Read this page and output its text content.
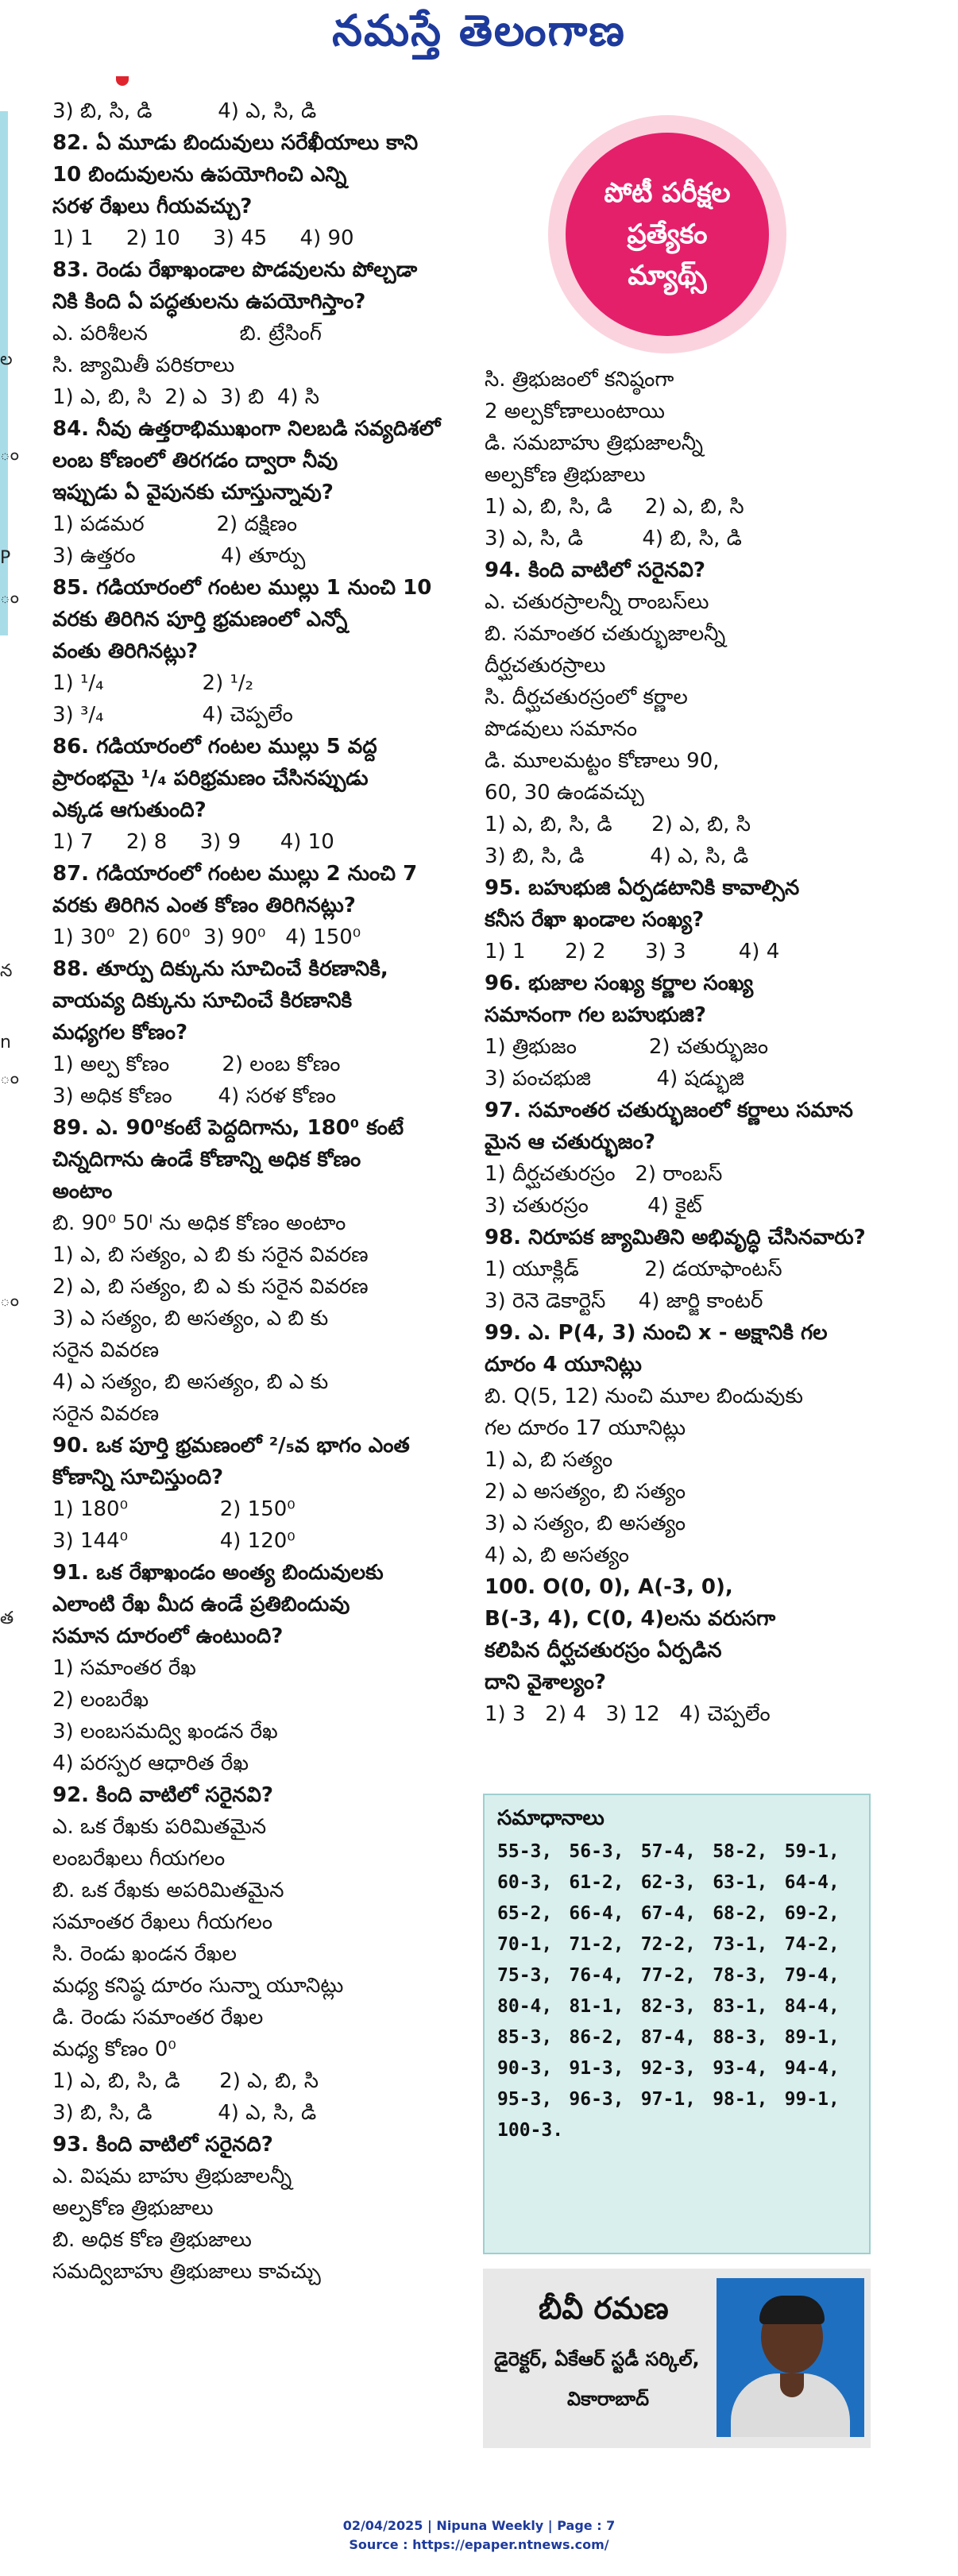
నమస్తే తెలంగాణ
ల
ం
P
ం
న
n
ం
ం
త
పోటీ పరీక్షల
ప్రత్యేకం
మ్యాథ్స్
3) బి, సి, డి          4) ఎ, సి, డి
82. ఏ మూడు బిందువులు సరేఖీయాలు కాని
10 బిందువులను ఉపయోగించి ఎన్ని
సరళ రేఖలు గీయవచ్చు?
1) 1     2) 10     3) 45     4) 90
83. రెండు రేఖాఖండాల పొడవులను పోల్చడా
నికి కింది ఏ పద్ధతులను ఉపయోగిస్తాం?
ఎ. పరిశీలన              బి. ట్రేసింగ్
సి. జ్యామితీ పరికరాలు
1) ఎ, బి, సి  2) ఎ  3) బి  4) సి
84. నీవు ఉత్తరాభిముఖంగా నిలబడి సవ్యదిశలో
లంబ కోణంలో తిరగడం ద్వారా నీవు
ఇప్పుడు ఏ వైపునకు చూస్తున్నావు?
1) పడమర           2) దక్షిణం
3) ఉత్తరం             4) తూర్పు
85. గడియారంలో గంటల ముల్లు 1 నుంచి 10
వరకు తిరిగిన పూర్తి భ్రమణంలో ఎన్నో
వంతు తిరిగినట్లు?
1) ¹/₄               2) ¹/₂
3) ³/₄               4) చెప్పలేం
86. గడియారంలో గంటల ముల్లు 5 వద్ద
ప్రారంభమై ¹/₄ పరిభ్రమణం చేసినప్పుడు
ఎక్కడ ఆగుతుంది?
1) 7     2) 8     3) 9      4) 10
87. గడియారంలో గంటల ముల్లు 2 నుంచి 7
వరకు తిరిగిన ఎంత కోణం తిరిగినట్లు?
1) 30⁰  2) 60⁰  3) 90⁰   4) 150⁰
88. తూర్పు దిక్కును సూచించే కిరణానికి,
వాయవ్య దిక్కును సూచించే కిరణానికి
మధ్యగల కోణం?
1) అల్ప కోణం        2) లంబ కోణం
3) అధిక కోణం       4) సరళ కోణం
89. ఎ. 90⁰కంటే పెద్దదిగాను, 180⁰ కంటే
చిన్నదిగాను ఉండే కోణాన్ని అధిక కోణం
అంటాం
బి. 90⁰ 50ᴵ ను అధిక కోణం అంటాం
1) ఎ, బి సత్యం, ఎ బి కు సరైన వివరణ
2) ఎ, బి సత్యం, బి ఎ కు సరైన వివరణ
3) ఎ సత్యం, బి అసత్యం, ఎ బి కు
సరైన వివరణ
4) ఎ సత్యం, బి అసత్యం, బి ఎ కు
సరైన వివరణ
90. ఒక పూర్తి భ్రమణంలో ²/₅వ భాగం ఎంత
కోణాన్ని సూచిస్తుంది?
1) 180⁰              2) 150⁰
3) 144⁰              4) 120⁰
91. ఒక రేఖాఖండం అంత్య బిందువులకు
ఎలాంటి రేఖ మీద ఉండే ప్రతిబిందువు
సమాన దూరంలో ఉంటుంది?
1) సమాంతర రేఖ
2) లంబరేఖ
3) లంబసమద్వి ఖండన రేఖ
4) పరస్పర ఆధారిత రేఖ
92. కింది వాటిలో సరైనవి?
ఎ. ఒక రేఖకు పరిమితమైన
లంబరేఖలు గీయగలం
బి. ఒక రేఖకు అపరిమితమైన
సమాంతర రేఖలు గీయగలం
సి. రెండు ఖండన రేఖల
మధ్య కనిష్ఠ దూరం సున్నా యూనిట్లు
డి. రెండు సమాంతర రేఖల
మధ్య కోణం 0⁰
1) ఎ, బి, సి, డి      2) ఎ, బి, సి
3) బి, సి, డి          4) ఎ, సి, డి
93. కింది వాటిలో సరైనది?
ఎ. విషమ బాహు త్రిభుజాలన్నీ
అల్పకోణ త్రిభుజాలు
బి. అధిక కోణ త్రిభుజాలు
సమద్విబాహు త్రిభుజాలు కావచ్చు
సి. త్రిభుజంలో కనిష్ఠంగా
2 అల్పకోణాలుంటాయి
డి. సమబాహు త్రిభుజాలన్నీ
అల్పకోణ త్రిభుజాలు
1) ఎ, బి, సి, డి     2) ఎ, బి, సి
3) ఎ, సి, డి         4) బి, సి, డి
94. కింది వాటిలో సరైనవి?
ఎ. చతురస్రాలన్నీ రాంబస్‌లు
బి. సమాంతర చతుర్భుజాలన్నీ
దీర్ఘచతురస్రాలు
సి. దీర్ఘచతురస్రంలో కర్ణాల
పొడవులు సమానం
డి. మూలమట్టం కోణాలు 90,
60, 30 ఉండవచ్చు
1) ఎ, బి, సి, డి      2) ఎ, బి, సి
3) బి, సి, డి          4) ఎ, సి, డి
95. బహుభుజి ఏర్పడటానికి కావాల్సిన
కనీస రేఖా ఖండాల సంఖ్య?
1) 1      2) 2      3) 3        4) 4
96. భుజాల సంఖ్య కర్ణాల సంఖ్య
సమానంగా గల బహుభుజి?
1) త్రిభుజం           2) చతుర్భుజం
3) పంచభుజి          4) షడ్భుజి
97. సమాంతర చతుర్భుజంలో కర్ణాలు సమాన
మైన ఆ చతుర్భుజం?
1) దీర్ఘచతురస్రం   2) రాంబస్
3) చతురస్రం         4) కైట్
98. నిరూపక జ్యామితిని అభివృద్ధి చేసినవారు?
1) యూక్లిడ్          2) డయాఫాంటస్
3) రెనె డెకార్టెస్     4) జార్జి కాంటర్
99. ఎ. P(4, 3) నుంచి x - అక్షానికి గల
దూరం 4 యూనిట్లు
బి. Q(5, 12) నుంచి మూల బిందువుకు
గల దూరం 17 యూనిట్లు
1) ఎ, బి సత్యం
2) ఎ అసత్యం, బి సత్యం
3) ఎ సత్యం, బి అసత్యం
4) ఎ, బి అసత్యం
100. O(0, 0), A(-3, 0),
B(-3, 4), C(0, 4)లను వరుసగా
కలిపిన దీర్ఘచతురస్రం ఏర్పడిన
దాని వైశాల్యం?
1) 3   2) 4   3) 12   4) చెప్పలేం
సమాధానాలు
55-3, 56-3, 57-4, 58-2, 59-1,
60-3, 61-2, 62-3, 63-1, 64-4,
65-2, 66-4, 67-4, 68-2, 69-2,
70-1, 71-2, 72-2, 73-1, 74-2,
75-3, 76-4, 77-2, 78-3, 79-4,
80-4, 81-1, 82-3, 83-1, 84-4,
85-3, 86-2, 87-4, 88-3, 89-1,
90-3, 91-3, 92-3, 93-4, 94-4,
95-3, 96-3, 97-1, 98-1, 99-1,
100-3.
బీవీ రమణ
డైరెక్టర్, ఏకేఆర్ స్టడీ సర్కిల్,
వికారాబాద్
02/04/2025 | Nipuna Weekly | Page : 7
Source : https://epaper.ntnews.com/
